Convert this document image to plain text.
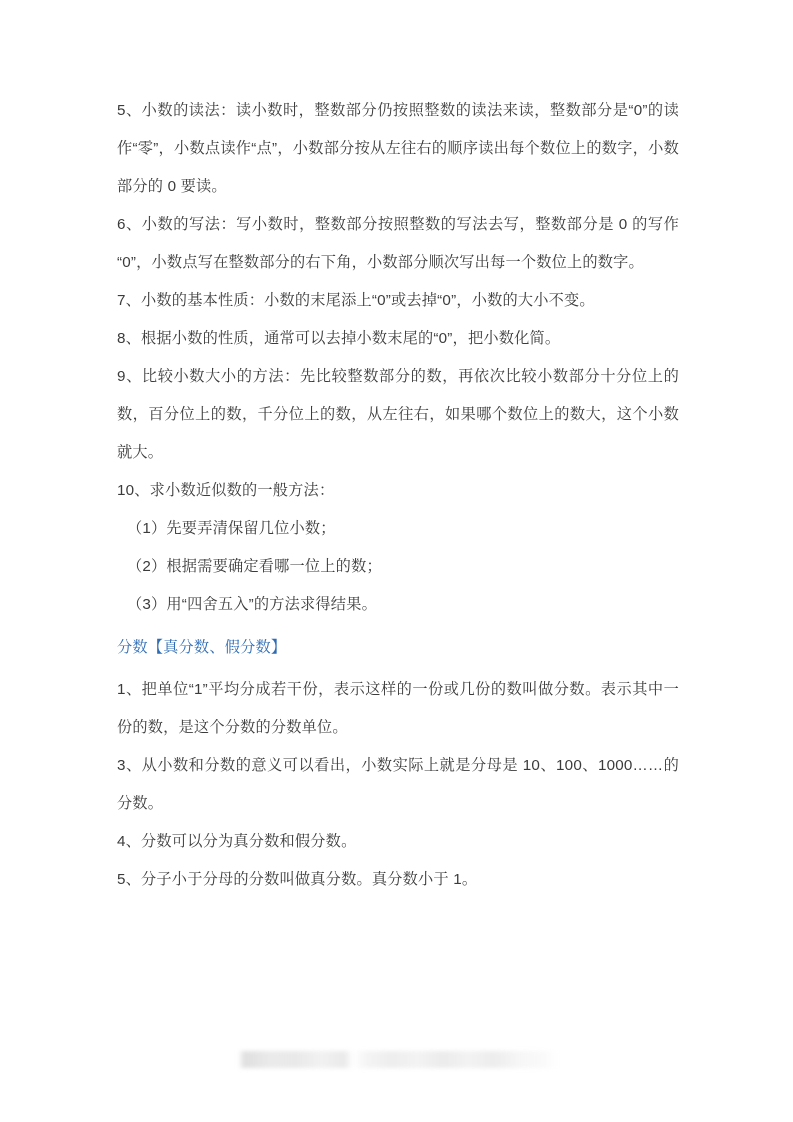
5、小数的读法：读小数时，整数部分仍按照整数的读法来读，整数部分是“0”的读作“零”，小数点读作“点”，小数部分按从左往右的顺序读出每个数位上的数字，小数部分的 0 要读。

6、小数的写法：写小数时，整数部分按照整数的写法去写，整数部分是 0 的写作“0”，小数点写在整数部分的右下角，小数部分顺次写出每一个数位上的数字。

7、小数的基本性质：小数的末尾添上“0”或去掉“0”，小数的大小不变。

8、根据小数的性质，通常可以去掉小数末尾的“0”，把小数化简。

9、比较小数大小的方法：先比较整数部分的数，再依次比较小数部分十分位上的数，百分位上的数，千分位上的数，从左往右，如果哪个数位上的数大，这个小数就大。

10、求小数近似数的一般方法：

（1）先要弄清保留几位小数；

（2）根据需要确定看哪一位上的数；

（3）用“四舍五入”的方法求得结果。

分数【真分数、假分数】

1、把单位“1”平均分成若干份，表示这样的一份或几份的数叫做分数。表示其中一份的数，是这个分数的分数单位。

3、从小数和分数的意义可以看出，小数实际上就是分母是 10、100、1000……的分数。

4、分数可以分为真分数和假分数。

5、分子小于分母的分数叫做真分数。真分数小于 1。
